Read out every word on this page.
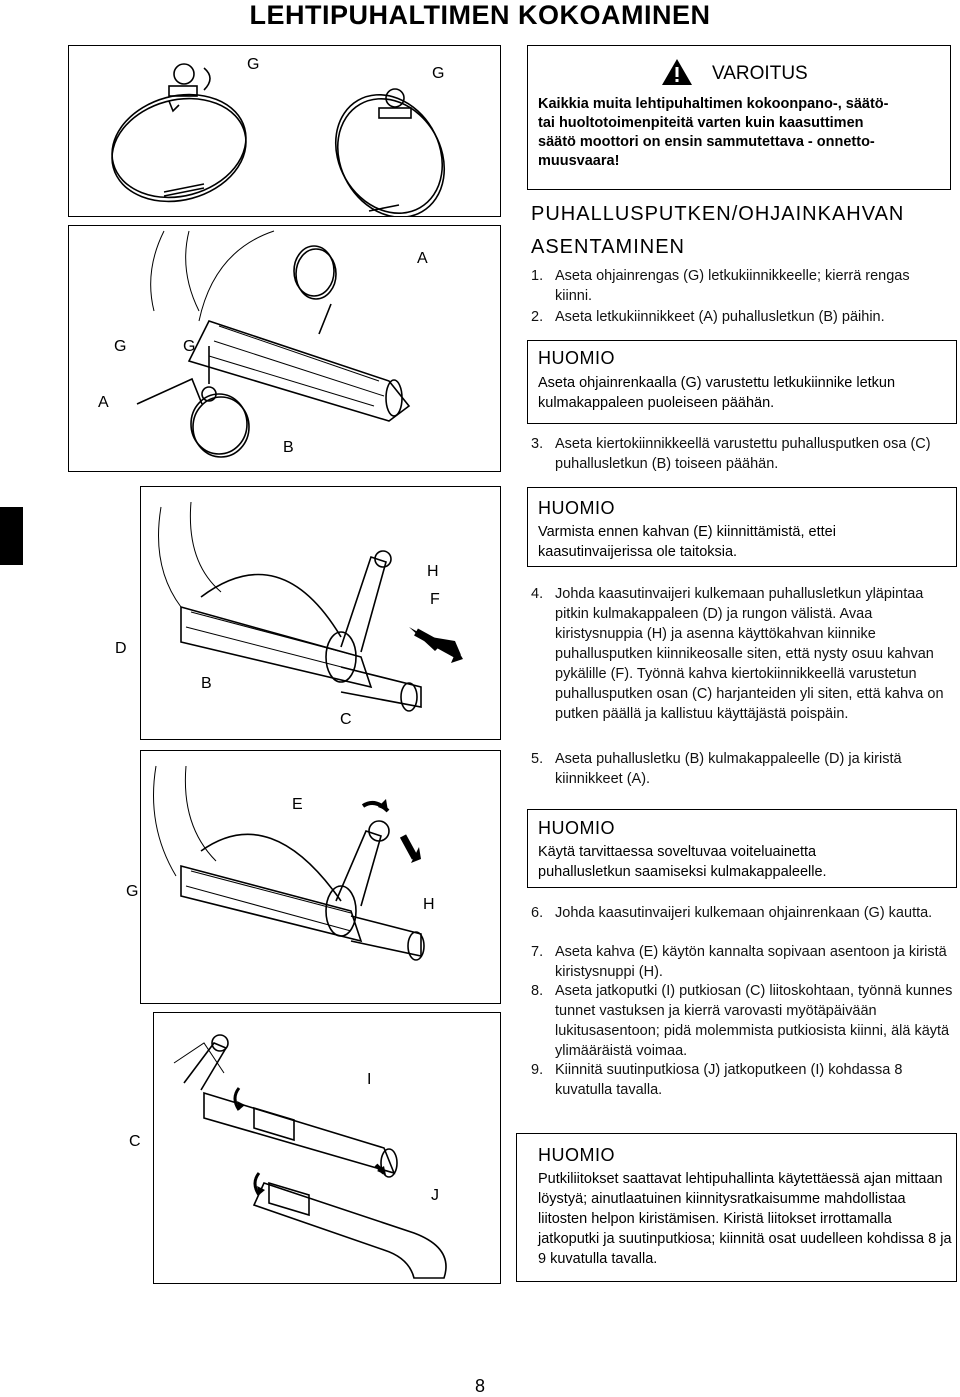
LEHTIPUHALTIMEN KOKOAMINEN
G
G
A
G
B
G
A
H
F
B
C
D
E
H
G
I
J
C
VAROITUS
Kaikkia muita lehtipuhaltimen kokoonpano-, säätö-
tai huoltotoimenpiteitä varten kuin kaasuttimen
säätö moottori on ensin sammutettava - onnetto-
muusvaara!
PUHALLUSPUTKEN/OHJAINKAHVAN
ASENTAMINEN
1. Aseta ohjainrengas (G) letkukiinnikkeelle; kierrä rengas kiinni.
2. Aseta letkukiinnikkeet (A) puhallusletkun (B) päihin.
HUOMIO
Aseta ohjainrenkaalla (G) varustettu letkukiinnike letkun kulmakappaleen puoleiseen päähän.
3. Aseta kiertokiinnikkeellä varustettu puhallusputken osa (C) puhallusletkun (B) toiseen päähän.
HUOMIO
Varmista ennen kahvan (E) kiinnittämistä, ettei kaasutinvaijerissa ole taitoksia.
4. Johda kaasutinvaijeri kulkemaan puhallusletkun yläpintaa pitkin kulmakappaleen (D) ja rungon välistä. Avaa kiristysnuppia (H) ja asenna käyttökahvan kiinnike puhallusputken kiinnikeosalle siten, että nysty osuu kahvan pykälille (F). Työnnä kahva kiertokiinnikkeellä varustetun puhallusputken osan (C) harjanteiden yli siten, että kahva on putken päällä ja kallistuu käyttäjästä poispäin.
5. Aseta puhallusletku (B) kulmakappaleelle (D) ja kiristä kiinnikkeet (A).
HUOMIO
Käytä tarvittaessa soveltuvaa voiteluainetta puhallusletkun saamiseksi kulmakappaleelle.
6. Johda kaasutinvaijeri kulkemaan ohjainrenkaan (G) kautta.
7. Aseta kahva (E) käytön kannalta sopivaan asentoon ja kiristä kiristysnuppi (H).
8. Aseta jatkoputki (I) putkiosan (C) liitoskohtaan, työnnä kunnes tunnet vastuksen ja kierrä varovasti myötäpäivään lukitusasentoon; pidä molemmista putkiosista kiinni, älä käytä ylimääräistä voimaa.
9. Kiinnitä suutinputkiosa (J) jatkoputkeen (I) kohdassa 8 kuvatulla tavalla.
HUOMIO
Putkiliitokset saattavat lehtipuhallinta käytettäessä ajan mittaan löystyä; ainutlaatuinen kiinnitysratkaisumme mahdollistaa liitosten helpon kiristämisen. Kiristä liitokset irrottamalla jatkoputki ja suutinputkiosa; kiinnitä osat uudelleen kohdissa 8 ja 9 kuvatulla tavalla.
8
